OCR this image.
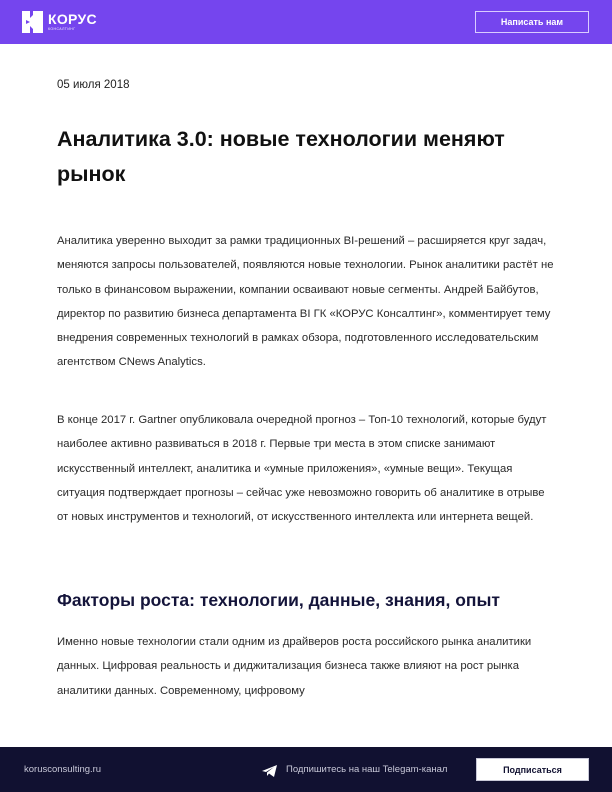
КОРУС
КОНСАЛТИНГ
Написать нам
05 июля 2018
Аналитика 3.0: новые технологии меняют рынок

Аналитика уверенно выходит за рамки традиционных BI-решений – расширяется круг задач, меняются запросы пользователей, появляются новые технологии. Рынок аналитики растёт не только в финансовом выражении, компании осваивают новые сегменты. Андрей Байбутов, директор по развитию бизнеса департамента BI ГК «КОРУС Консалтинг», комментирует тему внедрения современных технологий в рамках обзора, подготовленного исследовательским агентством CNews Analytics.

В конце 2017 г. Gartner опубликовала очередной прогноз – Топ-10 технологий, которые будут наиболее активно развиваться в 2018 г. Первые три места в этом списке занимают искусственный интеллект, аналитика и «умные приложения», «умные вещи». Текущая ситуация подтверждает прогнозы – сейчас уже невозможно говорить об аналитике в отрыве от новых инструментов и технологий, от искусственного интеллекта или интернета вещей.

Факторы роста: технологии, данные, знания, опыт

Именно новые технологии стали одним из драйверов роста российского рынка аналитики данных. Цифровая реальность и диджитализация бизнеса также влияют на рост рынка аналитики данных. Современному, цифровому

korusconsulting.ru	Подпишитесь на наш Telegam-канал	Подписаться
